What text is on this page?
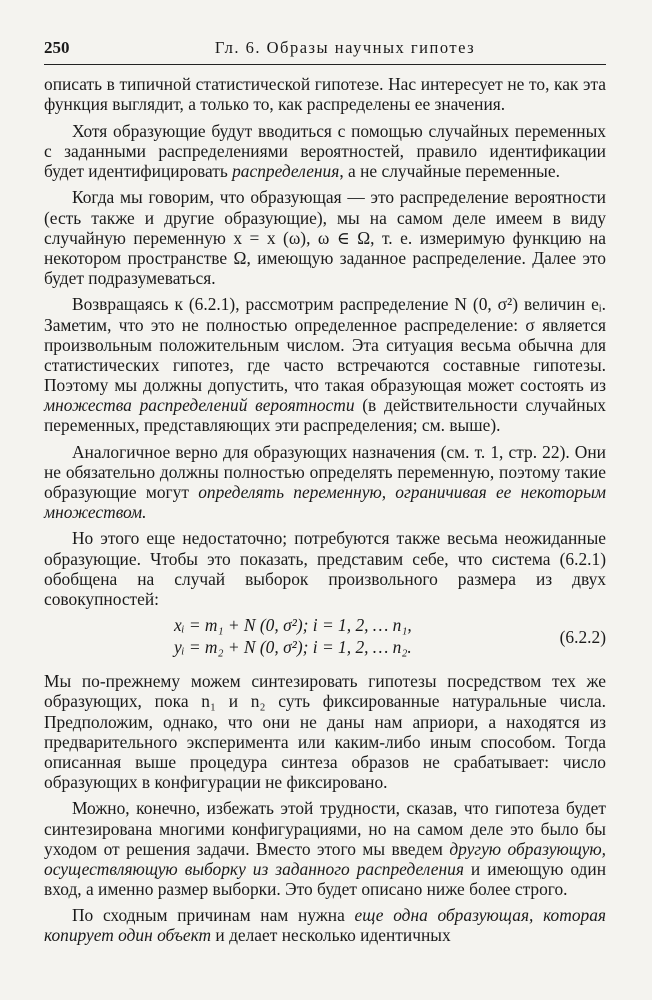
250	Гл. 6. Образы научных гипотез

описать в типичной статистической гипотезе. Нас интересует не то, как эта функция выглядит, а только то, как распределены ее значения.

Хотя образующие будут вводиться с помощью случайных переменных с заданными распределениями вероятностей, правило идентификации будет идентифицировать распределения, а не случайные переменные.

Когда мы говорим, что образующая — это распределение вероятности (есть также и другие образующие), мы на самом деле имеем в виду случайную переменную x = x (ω), ω ∈ Ω, т. е. измеримую функцию на некотором пространстве Ω, имеющую заданное распределение. Далее это будет подразумеваться.

Возвращаясь к (6.2.1), рассмотрим распределение N (0, σ²) величин eᵢ. Заметим, что это не полностью определенное распределение: σ является произвольным положительным числом. Эта ситуация весьма обычна для статистических гипотез, где часто встречаются составные гипотезы. Поэтому мы должны допустить, что такая образующая может состоять из множества распределений вероятности (в действительности случайных переменных, представляющих эти распределения; см. выше).

Аналогичное верно для образующих назначения (см. т. 1, стр. 22). Они не обязательно должны полностью определять переменную, поэтому такие образующие могут определять переменную, ограничивая ее некоторым множеством.

Но этого еще недостаточно; потребуются также весьма неожиданные образующие. Чтобы это показать, представим себе, что система (6.2.1) обобщена на случай выборок произвольного размера из двух совокупностей:

xᵢ = m₁ + N (0, σ²); i = 1, 2, … n₁,
yᵢ = m₂ + N (0, σ²); i = 1, 2, … n₂.	(6.2.2)

Мы по-прежнему можем синтезировать гипотезы посредством тех же образующих, пока n₁ и n₂ суть фиксированные натуральные числа. Предположим, однако, что они не даны нам априори, а находятся из предварительного эксперимента или каким-либо иным способом. Тогда описанная выше процедура синтеза образов не срабатывает: число образующих в конфигурации не фиксировано.

Можно, конечно, избежать этой трудности, сказав, что гипотеза будет синтезирована многими конфигурациями, но на самом деле это было бы уходом от решения задачи. Вместо этого мы введем другую образующую, осуществляющую выборку из заданного распределения и имеющую один вход, а именно размер выборки. Это будет описано ниже более строго.

По сходным причинам нам нужна еще одна образующая, которая копирует один объект и делает несколько идентичных
